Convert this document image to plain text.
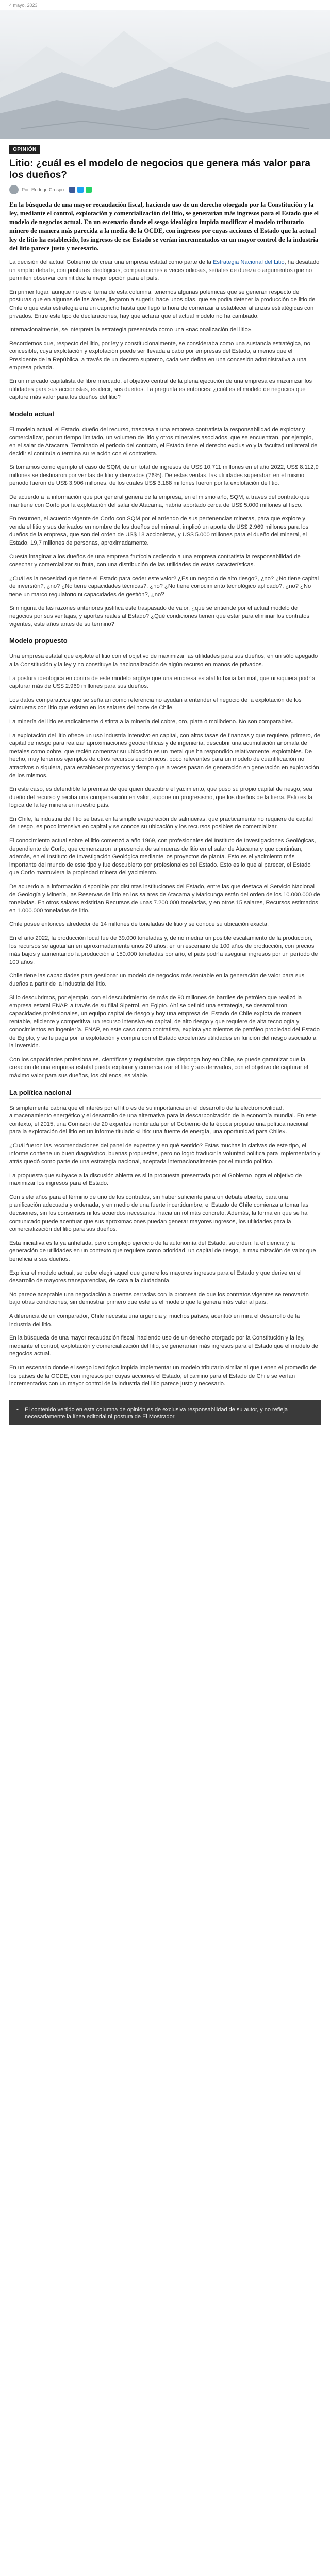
4 mayo, 2023
OPINIÓN
Litio: ¿cuál es el modelo de negocios que genera más valor para los dueños?
Por: Rodrigo Crespo

En la búsqueda de una mayor recaudación fiscal, haciendo uso de un derecho otorgado por la Constitución y la ley, mediante el control, explotación y comercialización del litio, se generarían más ingresos para el Estado que el modelo de negocios actual. En un escenario donde el sesgo ideológico impida modificar el modelo tributario minero de manera más parecida a la media de la OCDE, con ingresos por cuyas acciones el Estado que la actual ley de litio ha establecido, los ingresos de ese Estado se verían incrementados en un mayor control de la industria del litio parece justo y necesario.

La decisión del actual Gobierno de crear una empresa estatal como parte de la Estrategia Nacional del Litio, ha desatado un amplio debate, con posturas ideológicas, comparaciones a veces odiosas, señales de dureza o argumentos que no permiten observar con nitidez la mejor opción para el país.

En primer lugar, aunque no es el tema de esta columna, tenemos algunas polémicas que se generan respecto de posturas que en algunas de las áreas, llegaron a sugerir, hace unos días, que se podía detener la producción de litio de Chile o que esta estrategia era un capricho hasta que llegó la hora de comenzar a establecer alianzas estratégicas con privados. Entre este tipo de declaraciones, hay que aclarar que el actual modelo no ha cambiado.

Internacionalmente, se interpreta la estrategia presentada como una «nacionalización del litio».

Recordemos que, respecto del litio, por ley y constitucionalmente, se consideraba como una sustancia estratégica, no concesible, cuya explotación y explotación puede ser llevada a cabo por empresas del Estado, a menos que el Presidente de la República, a través de un decreto supremo, cada vez defina en una concesión administrativa a una empresa privada.

En un mercado capitalista de libre mercado, el objetivo central de la plena ejecución de una empresa es maximizar los utilidades para sus accionistas, es decir, sus dueños. La pregunta es entonces: ¿cuál es el modelo de negocios que capture más valor para los dueños del litio?

Modelo actual

El modelo actual, el Estado, dueño del recurso, traspasa a una empresa contratista la responsabilidad de explotar y comercializar, por un tiempo limitado, un volumen de litio y otros minerales asociados, que se encuentran, por ejemplo, en el salar de Atacama. Terminado el periodo del contrato, el Estado tiene el derecho exclusivo y la facultad unilateral de decidir si continúa o termina su relación con el contratista.

Si tomamos como ejemplo el caso de SQM, de un total de ingresos de US$ 10.711 millones en el año 2022, US$ 8.112,9 millones se destinaron por ventas de litio y derivados (76%). De estas ventas, las utilidades superaban en el mismo periodo fueron de US$ 3.906 millones, de los cuales US$ 3.188 millones fueron por la explotación de litio.

De acuerdo a la información que por general genera de la empresa, en el mismo año, SQM, a través del contrato que mantiene con Corfo por la explotación del salar de Atacama, habría aportado cerca de US$ 5.000 millones al fisco.

En resumen, el acuerdo vigente de Corfo con SQM por el arriendo de sus pertenencias mineras, para que explore y venda el litio y sus derivados en nombre de los dueños del mineral, implicó un aporte de US$ 2.969 millones para los dueños de la empresa, que son del orden de US$ 18 accionistas, y US$ 5.000 millones para el dueño del mineral, el Estado, 19,7 millones de personas, aproximadamente.

Cuesta imaginar a los dueños de una empresa frutícola cediendo a una empresa contratista la responsabilidad de cosechar y comercializar su fruta, con una distribución de las utilidades de estas características.

¿Cuál es la necesidad que tiene el Estado para ceder este valor? ¿Es un negocio de alto riesgo?, ¿no? ¿No tiene capital de inversión?, ¿no? ¿No tiene capacidades técnicas?, ¿no? ¿No tiene conocimiento tecnológico aplicado?, ¿no? ¿No tiene un marco regulatorio ni capacidades de gestión?, ¿no?

Si ninguna de las razones anteriores justifica este traspasado de valor, ¿qué se entiende por el actual modelo de negocios por sus ventajas, y aportes reales al Estado? ¿Qué condiciones tienen que estar para eliminar los contratos vigentes, este años antes de su término?

Modelo propuesto

Una empresa estatal que explote el litio con el objetivo de maximizar las utilidades para sus dueños, en un sólo apegado a la Constitución y la ley y no constituye la nacionalización de algún recurso en manos de privados.

La postura ideológica en contra de este modelo argüye que una empresa estatal lo haría tan mal, que ni siquiera podría capturar más de US$ 2.969 millones para sus dueños.

Los datos comparativos que se señalan como referencia no ayudan a entender el negocio de la explotación de los salmueras con litio que existen en los salares del norte de Chile.

La minería del litio es radicalmente distinta a la minería del cobre, oro, plata o molibdeno. No son comparables.

La explotación del litio ofrece un uso industria intensivo en capital, con altos tasas de finanzas y que requiere, primero, de capital de riesgo para realizar aproximaciones geocientíficas y de ingeniería, descubrir una acumulación anómala de metales como cobre, que recién comenzar su ubicación es un metal que ha respondido relativamente, explotables. De hecho, muy tenemos ejemplos de otros recursos económicos, poco relevantes para un modelo de cuantificación no atractivos o siquiera, para establecer proyectos y tiempo que a veces pasan de generación en generación en exploración de los mismos.

En este caso, es defendible la premisa de que quien descubre el yacimiento, que puso su propio capital de riesgo, sea dueño del recurso y reciba una compensación en valor, supone un progresismo, que los dueños de la tierra. Esto es la lógica de la ley minera en nuestro país.

En Chile, la industria del litio se basa en la simple evaporación de salmueras, que prácticamente no requiere de capital de riesgo, es poco intensiva en capital y se conoce su ubicación y los recursos posibles de comercializar.

El conocimiento actual sobre el litio comenzó a año 1969, con profesionales del Instituto de Investigaciones Geológicas, dependiente de Corfo, que comenzaron la presencia de salmueras de litio en el salar de Atacama y que continúan, además, en el Instituto de Investigación Geológica mediante los proyectos de planta. Esto es el yacimiento más importante del mundo de este tipo y fue descubierto por profesionales del Estado. Esto es lo que al parecer, el Estado que Corfo mantuviera la propiedad minera del yacimiento.

De acuerdo a la información disponible por distintas instituciones del Estado, entre las que destaca el Servicio Nacional de Geología y Minería, las Reservas de litio en los salares de Atacama y Maricunga están del orden de los 10.000.000 de toneladas. En otros salares existirían Recursos de unas 7.200.000 toneladas, y en otros 15 salares, Recursos estimados en 1.000.000 toneladas de litio.

Chile posee entonces alrededor de 14 millones de toneladas de litio y se conoce su ubicación exacta.

En el año 2022, la producción local fue de 39.000 toneladas y, de no mediar un posible escalamiento de la producción, los recursos se agotarían en aproximadamente unos 20 años; en un escenario de 100 años de producción, con precios más bajos y aumentando la producción a 150.000 toneladas por año, el país podría asegurar ingresos por un período de 100 años.

Chile tiene las capacidades para gestionar un modelo de negocios más rentable en la generación de valor para sus dueños a partir de la industria del litio.

Si lo descubrimos, por ejemplo, con el descubrimiento de más de 90 millones de barriles de petróleo que realizó la empresa estatal ENAP, a través de su filial Sipetrol, en Egipto. Ahí se definió una estrategia, se desarrollaron capacidades profesionales, un equipo capital de riesgo y hoy una empresa del Estado de Chile explota de manera rentable, eficiente y competitiva, un recurso intensivo en capital, de alto riesgo y que requiere de alta tecnología y conocimientos en ingeniería. ENAP, en este caso como contratista, explota yacimientos de petróleo propiedad del Estado de Egipto, y se le paga por la explotación y compra con el Estado excelentes utilidades en función del riesgo asociado a la inversión.

Con los capacidades profesionales, científicas y regulatorias que disponga hoy en Chile, se puede garantizar que la creación de una empresa estatal pueda explorar y comercializar el litio y sus derivados, con el objetivo de capturar el máximo valor para sus dueños, los chilenos, es viable.

La política nacional

Si simplemente cabría que el interés por el litio es de su importancia en el desarrollo de la electromovilidad, almacenamiento energético y el desarrollo de una alternativa para la descarbonización de la economía mundial. En este contexto, el 2015, una Comisión de 20 expertos nombrada por el Gobierno de la época propuso una política nacional para la explotación del litio en un informe titulado «Litio: una fuente de energía, una oportunidad para Chile».

¿Cuál fueron las recomendaciones del panel de expertos y en qué sentido? Estas muchas iniciativas de este tipo, el informe contiene un buen diagnóstico, buenas propuestas, pero no logró traducir la voluntad política para implementarlo y atrás quedó como parte de una estrategia nacional, aceptada internacionalmente por el mundo político.

La propuesta que subyace a la discusión abierta es si la propuesta presentada por el Gobierno logra el objetivo de maximizar los ingresos para el Estado.

Con siete años para el término de uno de los contratos, sin haber suficiente para un debate abierto, para una planificación adecuada y ordenada, y en medio de una fuerte incertidumbre, el Estado de Chile comienza a tomar las decisiones, sin los consensos ni los acuerdos necesarios, hacia un rol más concreto. Además, la forma en que se ha comunicado puede acentuar que sus aproximaciones puedan generar mayores ingresos, los utilidades para la comercialización del litio para sus dueños.

Esta iniciativa es la ya anhelada, pero complejo ejercicio de la autonomía del Estado, su orden, la eficiencia y la generación de utilidades en un contexto que requiere como prioridad, un capital de riesgo, la maximización de valor que beneficia a sus dueños.

Explicar el modelo actual, se debe elegir aquel que genere los mayores ingresos para el Estado y que derive en el desarrollo de mayores transparencias, de cara a la ciudadanía.

No parece aceptable una negociación a puertas cerradas con la promesa de que los contratos vigentes se renovarán bajo otras condiciones, sin demostrar primero que este es el modelo que le genera más valor al país.

A diferencia de un comparador, Chile necesita una urgencia y, muchos países, acentuó en mira el desarrollo de la industria del litio.

En la búsqueda de una mayor recaudación fiscal, haciendo uso de un derecho otorgado por la Constitución y la ley, mediante el control, explotación y comercialización del litio, se generarían más ingresos para el Estado que el modelo de negocios actual.

En un escenario donde el sesgo ideológico impida implementar un modelo tributario similar al que tienen el promedio de los países de la OCDE, con ingresos por cuyas acciones el Estado, el camino para el Estado de Chile se verían incrementados con un mayor control de la industria del litio parece justo y necesario.

• El contenido vertido en esta columna de opinión es de exclusiva responsabilidad de su autor, y no refleja necesariamente la línea editorial ni postura de El Mostrador.
